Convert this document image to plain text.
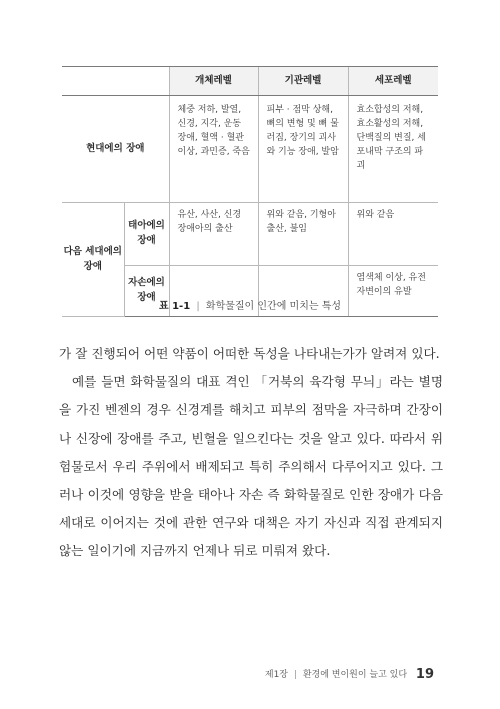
		개체레벨	기관레벨	세포레벨
현대에의 장애		체중 저하, 발열, 신경, 지각, 운동 장애, 혈액 · 혈관 이상, 과민증, 죽음	피부 · 점막 상해, 뼈의 변형 및 뼈 물러짐, 장기의 괴사와 기능 장애, 발암	효소합성의 저해, 효소활성의 저해, 단백질의 변질, 세포내막 구조의 파괴
다음 세대에의 장애	태아에의 장애	유산, 사산, 신경 장애아의 출산	위와 같음, 기형아 출산, 불임	위와 같음
	자손에의 장애			염색체 이상, 유전자변이의 유발
표 1-1 | 화학물질이 인간에 미치는 특성

가 잘 진행되어 어떤 약품이 어떠한 독성을 나타내는가가 알려져 있다.

예를 들면 화학물질의 대표 격인 「거북의 육각형 무늬」라는 별명을 가진 벤젠의 경우 신경계를 해치고 피부의 점막을 자극하며 간장이나 신장에 장애를 주고, 빈혈을 일으킨다는 것을 알고 있다. 따라서 위험물로서 우리 주위에서 배제되고 특히 주의해서 다루어지고 있다. 그러나 이것에 영향을 받을 태아나 자손 즉 화학물질로 인한 장애가 다음 세대로 이어지는 것에 관한 연구와 대책은 자기 자신과 직접 관계되지 않는 일이기에 지금까지 언제나 뒤로 미뤄져 왔다.

제1장 | 환경에 변이원이 늘고 있다 19
